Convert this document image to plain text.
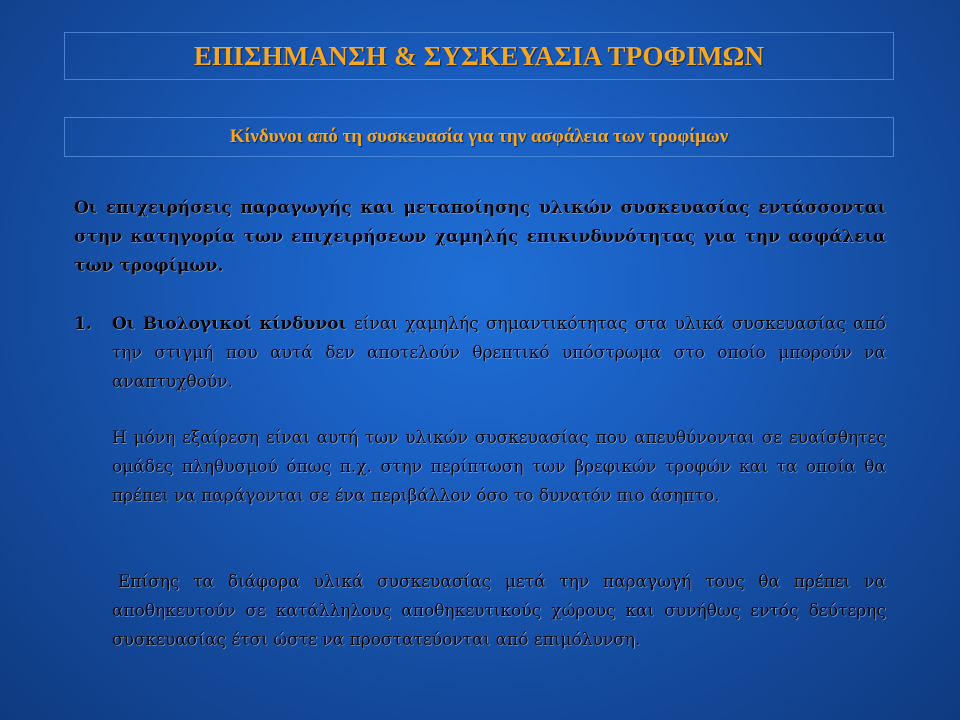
ΕΠΙΣΗΜΑΝΣΗ & ΣΥΣΚΕΥΑΣΙΑ ΤΡΟΦΙΜΩΝ
Κίνδυνοι από τη συσκευασία για την ασφάλεια των τροφίμων
Οι επιχειρήσεις παραγωγής και μεταποίησης υλικών συσκευασίας εντάσσονται στην κατηγορία των επιχειρήσεων χαμηλής επικινδυνότητας για την ασφάλεια των τροφίμων.
1.	Οι Βιολογικοί κίνδυνοι είναι χαμηλής σημαντικότητας στα υλικά συσκευασίας από την στιγμή που αυτά δεν αποτελούν θρεπτικό υπόστρωμα στο οποίο μπορούν να αναπτυχθούν.
Η μόνη εξαίρεση είναι αυτή των υλικών συσκευασίας που απευθύνονται σε ευαίσθητες ομάδες πληθυσμού όπως π.χ. στην περίπτωση των βρεφικών τροφών και τα οποία θα πρέπει να παράγονται σε ένα περιβάλλον όσο το δυνατόν πιο άσηπτο.
Επίσης τα διάφορα υλικά συσκευασίας μετά την παραγωγή τους θα πρέπει να αποθηκευτούν σε κατάλληλους αποθηκευτικούς χώρους και συνήθως εντός δεύτερης συσκευασίας έτσι ώστε να προστατεύονται από επιμόλυνση.
